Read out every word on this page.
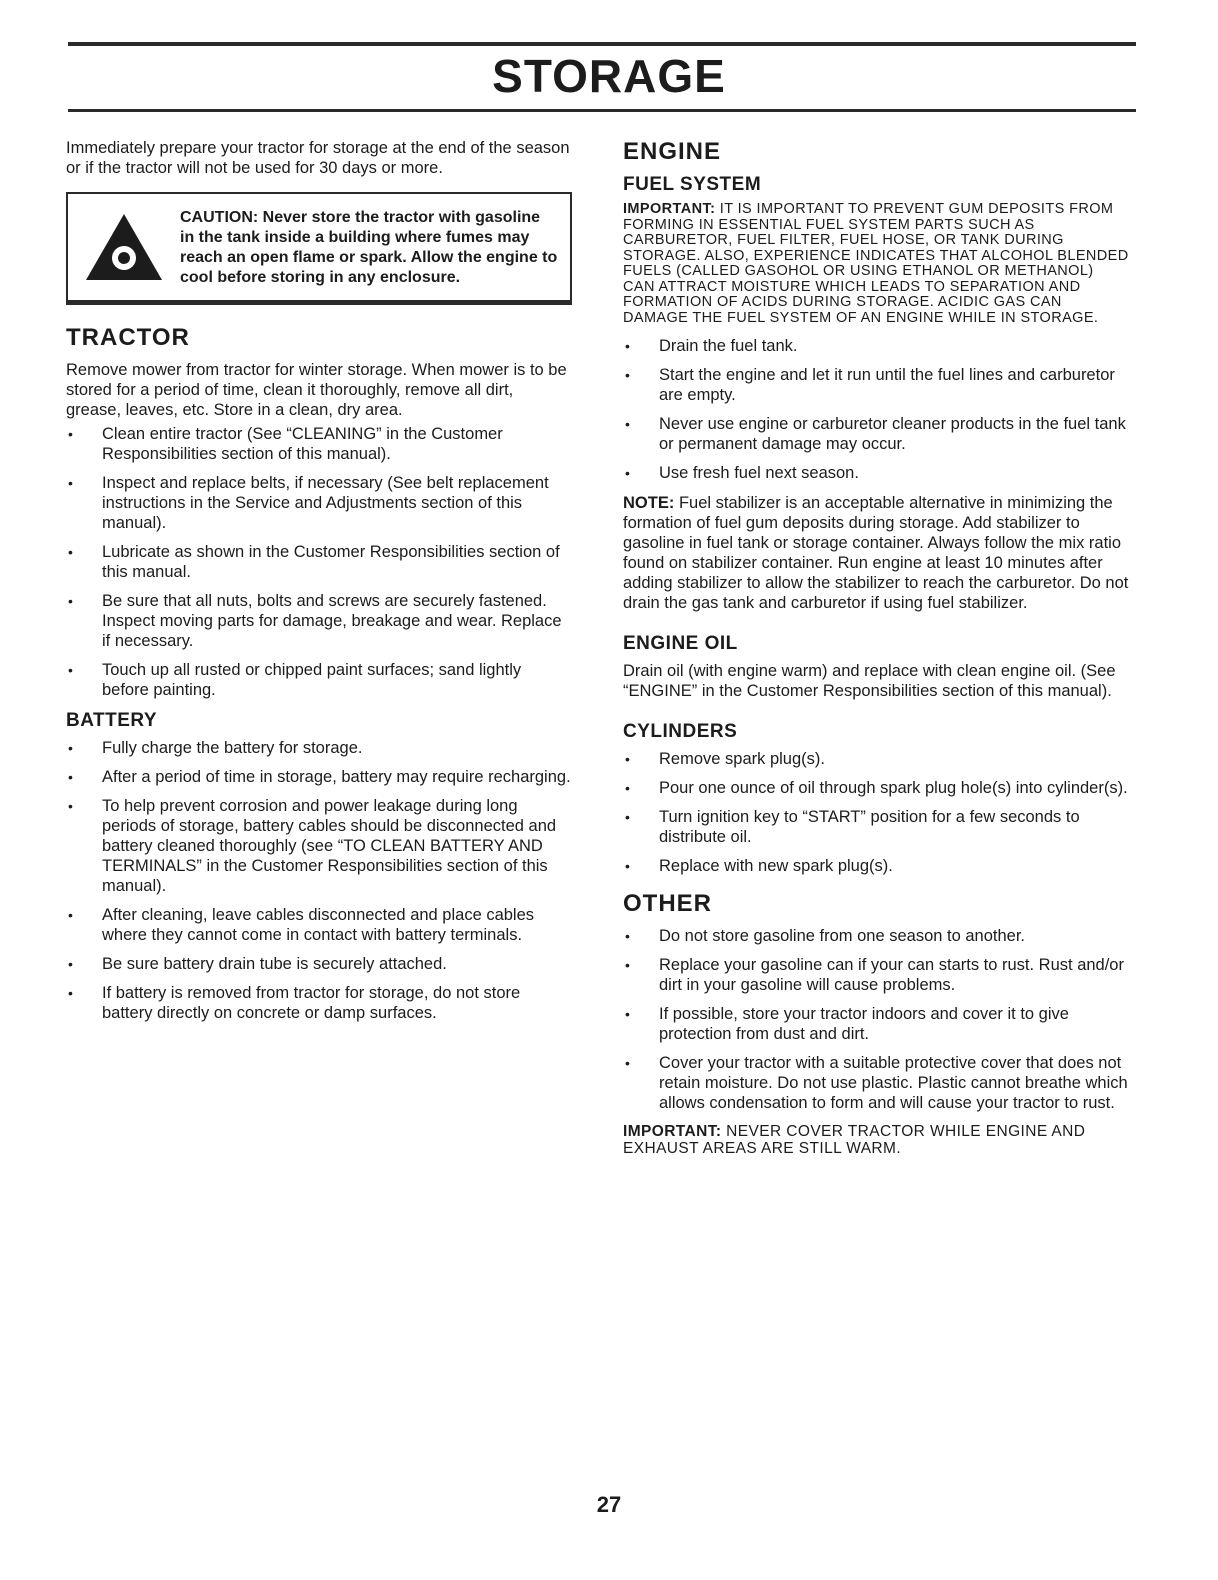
STORAGE

Immediately prepare your tractor for storage at the end of the season or if the tractor will not be used for 30 days or more.

CAUTION: Never store the tractor with gasoline in the tank inside a building where fumes may reach an open flame or spark. Allow the engine to cool before storing in any enclosure.
TRACTOR

Remove mower from tractor for winter storage. When mower is to be stored for a period of time, clean it thoroughly, remove all dirt, grease, leaves, etc. Store in a clean, dry area.

• Clean entire tractor (See “CLEANING” in the Customer Responsibilities section of this manual).
• Inspect and replace belts, if necessary (See belt replacement instructions in the Service and Adjustments section of this manual).
• Lubricate as shown in the Customer Responsibilities section of this manual.
• Be sure that all nuts, bolts and screws are securely fastened. Inspect moving parts for damage, breakage and wear. Replace if necessary.
• Touch up all rusted or chipped paint surfaces; sand lightly before painting.
BATTERY
• Fully charge the battery for storage.
• After a period of time in storage, battery may require recharging.
• To help prevent corrosion and power leakage during long periods of storage, battery cables should be disconnected and battery cleaned thoroughly (see “TO CLEAN BATTERY AND TERMINALS” in the Customer Responsibilities section of this manual).
• After cleaning, leave cables disconnected and place cables where they cannot come in contact with battery terminals.
• Be sure battery drain tube is securely attached.
• If battery is removed from tractor for storage, do not store battery directly on concrete or damp surfaces.
ENGINE
FUEL SYSTEM

IMPORTANT: IT IS IMPORTANT TO PREVENT GUM DEPOSITS FROM FORMING IN ESSENTIAL FUEL SYSTEM PARTS SUCH AS CARBURETOR, FUEL FILTER, FUEL HOSE, OR TANK DURING STORAGE. ALSO, EXPERIENCE INDICATES THAT ALCOHOL BLENDED FUELS (CALLED GASOHOL OR USING ETHANOL OR METHANOL) CAN ATTRACT MOISTURE WHICH LEADS TO SEPARATION AND FORMATION OF ACIDS DURING STORAGE. ACIDIC GAS CAN DAMAGE THE FUEL SYSTEM OF AN ENGINE WHILE IN STORAGE.

• Drain the fuel tank.
• Start the engine and let it run until the fuel lines and carburetor are empty.
• Never use engine or carburetor cleaner products in the fuel tank or permanent damage may occur.
• Use fresh fuel next season.

NOTE: Fuel stabilizer is an acceptable alternative in minimizing the formation of fuel gum deposits during storage. Add stabilizer to gasoline in fuel tank or storage container. Always follow the mix ratio found on stabilizer container. Run engine at least 10 minutes after adding stabilizer to allow the stabilizer to reach the carburetor. Do not drain the gas tank and carburetor if using fuel stabilizer.

ENGINE OIL

Drain oil (with engine warm) and replace with clean engine oil. (See “ENGINE” in the Customer Responsibilities section of this manual).

CYLINDERS
• Remove spark plug(s).
• Pour one ounce of oil through spark plug hole(s) into cylinder(s).
• Turn ignition key to “START” position for a few seconds to distribute oil.
• Replace with new spark plug(s).
OTHER
• Do not store gasoline from one season to another.
• Replace your gasoline can if your can starts to rust. Rust and/or dirt in your gasoline will cause problems.
• If possible, store your tractor indoors and cover it to give protection from dust and dirt.
• Cover your tractor with a suitable protective cover that does not retain moisture. Do not use plastic. Plastic cannot breathe which allows condensation to form and will cause your tractor to rust.

IMPORTANT: NEVER COVER TRACTOR WHILE ENGINE AND EXHAUST AREAS ARE STILL WARM.

27
